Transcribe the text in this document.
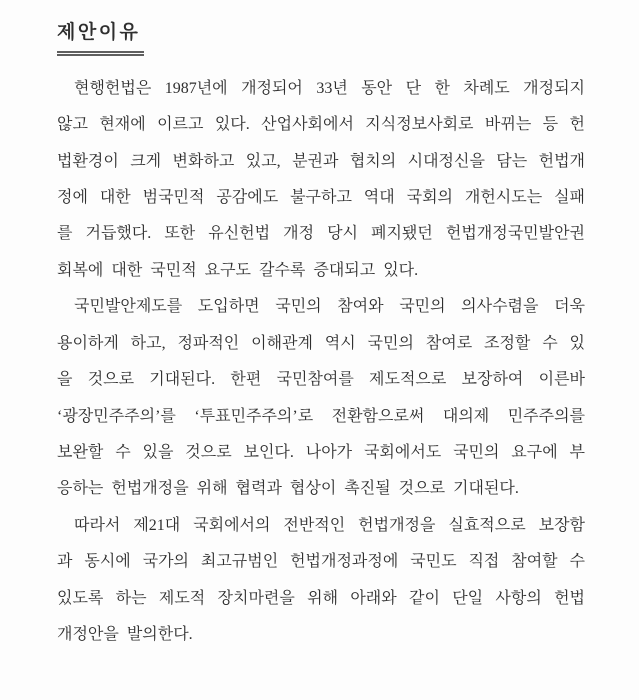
제안이유
현행헌법은 1987년에 개정되어 33년 동안 단 한 차례도 개정되지
않고 현재에 이르고 있다. 산업사회에서 지식정보사회로 바뀌는 등 헌
법환경이 크게 변화하고 있고, 분권과 협치의 시대정신을 담는 헌법개
정에 대한 범국민적 공감에도 불구하고 역대 국회의 개헌시도는 실패
를 거듭했다. 또한 유신헌법 개정 당시 폐지됐던 헌법개정국민발안권
회복에 대한 국민적 요구도 갈수록 증대되고 있다.
국민발안제도를 도입하면 국민의 참여와 국민의 의사수렴을 더욱
용이하게 하고, 정파적인 이해관계 역시 국민의 참여로 조정할 수 있
을 것으로 기대된다. 한편 국민참여를 제도적으로 보장하여 이른바
‘광장민주주의’를 ‘투표민주주의’로 전환함으로써 대의제 민주주의를
보완할 수 있을 것으로 보인다. 나아가 국회에서도 국민의 요구에 부
응하는 헌법개정을 위해 협력과 협상이 촉진될 것으로 기대된다.
따라서 제21대 국회에서의 전반적인 헌법개정을 실효적으로 보장함
과 동시에 국가의 최고규범인 헌법개정과정에 국민도 직접 참여할 수
있도록 하는 제도적 장치마련을 위해 아래와 같이 단일 사항의 헌법
개정안을 발의한다.
